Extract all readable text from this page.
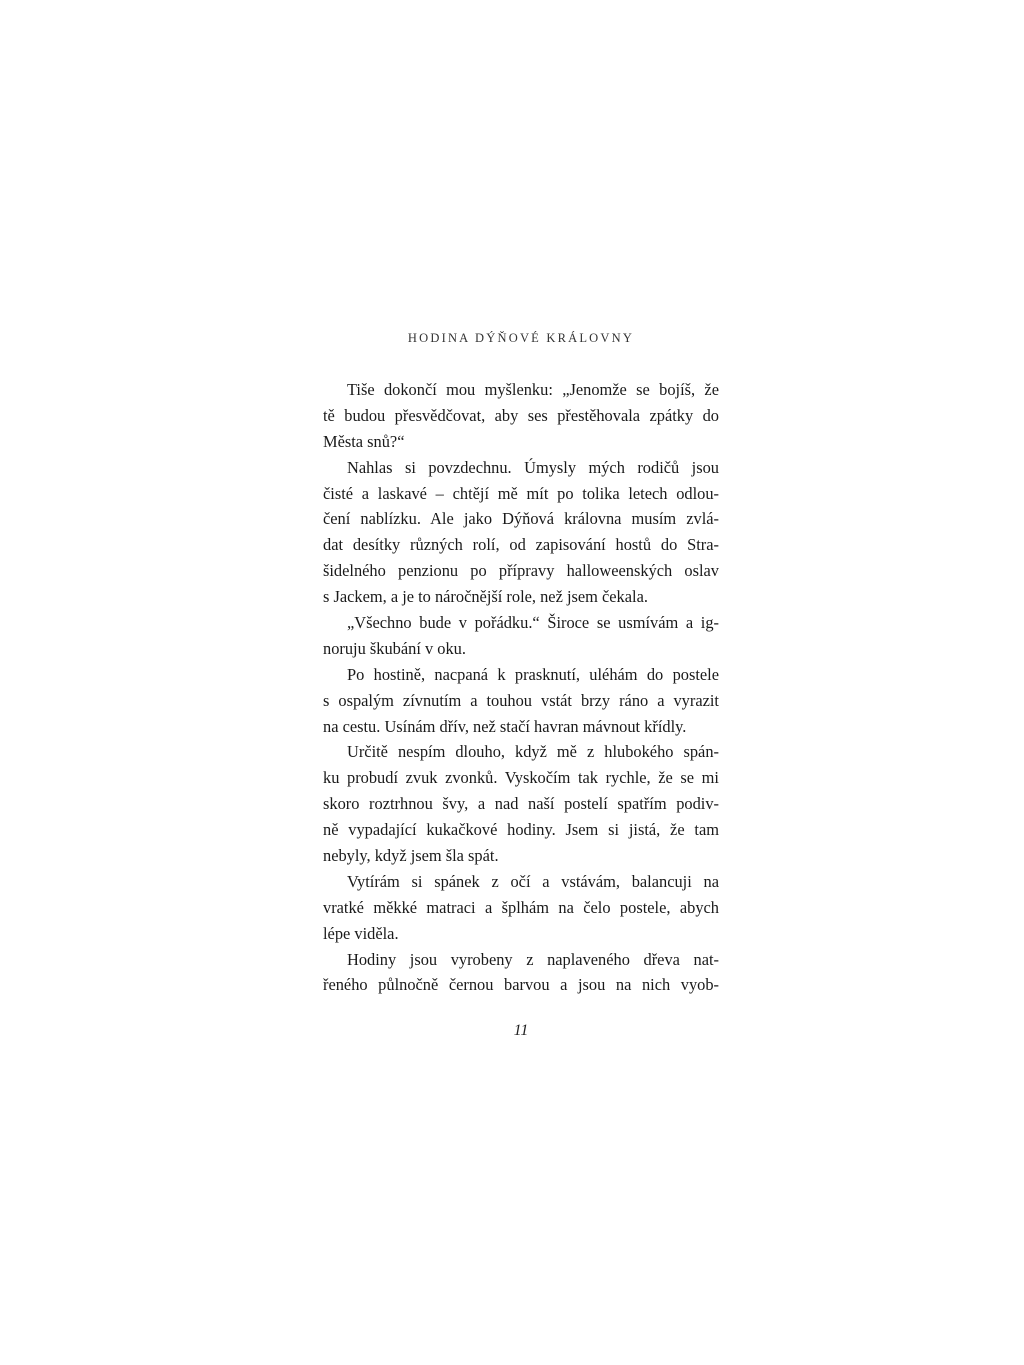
HODINA DÝŇOVÉ KRÁLOVNY
Tiše dokončí mou myšlenku: „Jenomže se bojíš, že
tě budou přesvědčovat, aby ses přestěhovala zpátky do
Města snů?“
Nahlas si povzdechnu. Úmysly mých rodičů jsou
čisté a laskavé – chtějí mě mít po tolika letech odlou-
čení nablízku. Ale jako Dýňová královna musím zvlá-
dat desítky různých rolí, od zapisování hostů do Stra-
šidelného penzionu po přípravy halloweenských oslav
s Jackem, a je to náročnější role, než jsem čekala.
„Všechno bude v pořádku.“ Široce se usmívám a ig-
noruju škubání v oku.
Po hostině, nacpaná k prasknutí, uléhám do postele
s ospalým zívnutím a touhou vstát brzy ráno a vyrazit
na cestu. Usínám dřív, než stačí havran mávnout křídly.
Určitě nespím dlouho, když mě z hlubokého spán-
ku probudí zvuk zvonků. Vyskočím tak rychle, že se mi
skoro roztrhnou švy, a nad naší postelí spatřím podiv-
ně vypadající kukačkové hodiny. Jsem si jistá, že tam
nebyly, když jsem šla spát.
Vytírám si spánek z očí a vstávám, balancuji na
vratké měkké matraci a šplhám na čelo postele, abych
lépe viděla.
Hodiny jsou vyrobeny z naplaveného dřeva nat-
řeného půlnočně černou barvou a jsou na nich vyob-
11
